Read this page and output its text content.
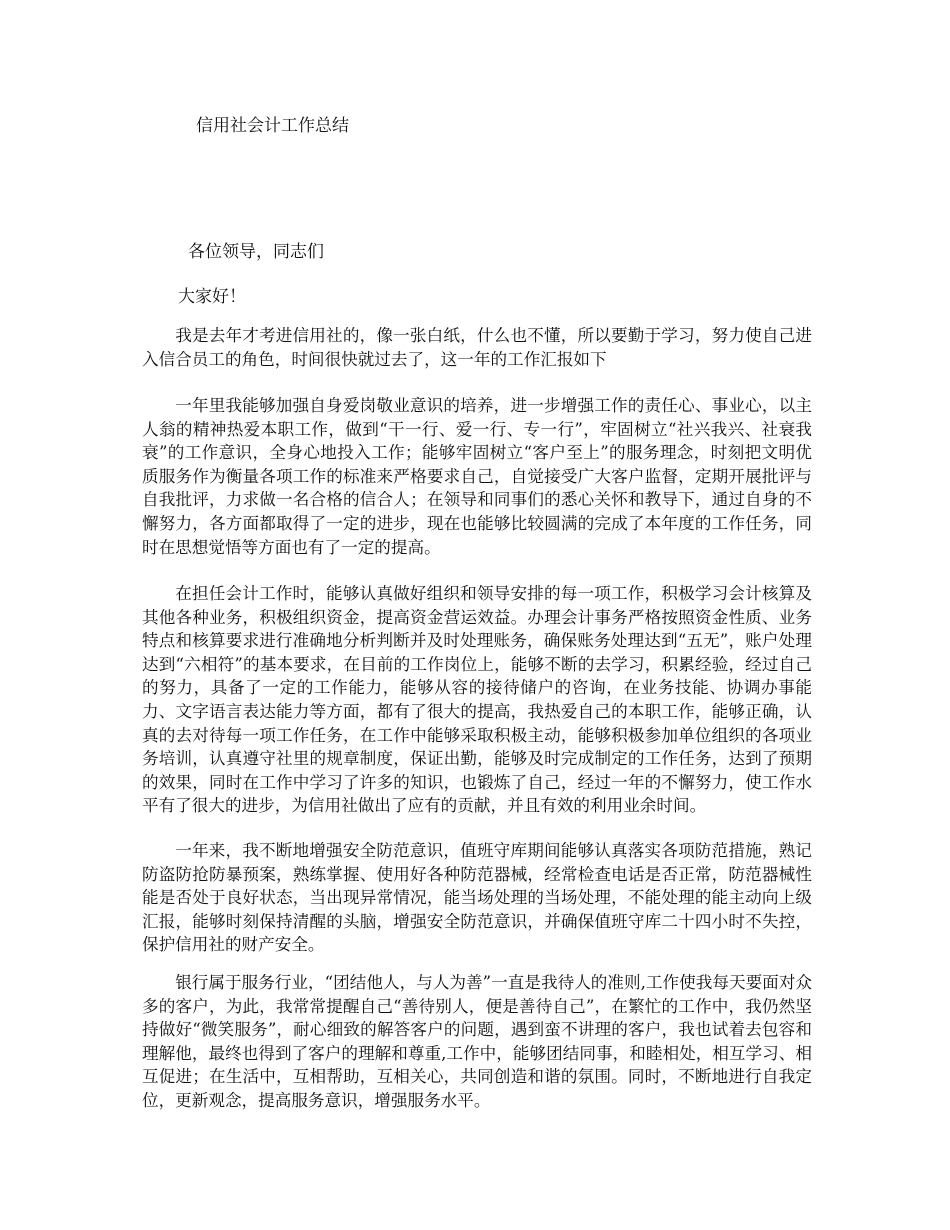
信用社会计工作总结
各位领导，同志们
大家好！

我是去年才考进信用社的，像一张白纸，什么也不懂，所以要勤于学习，努力使自己进入信合员工的角色，时间很快就过去了，这一年的工作汇报如下

一年里我能够加强自身爱岗敬业意识的培养，进一步增强工作的责任心、事业心，以主人翁的精神热爱本职工作，做到“干一行、爱一行、专一行”，牢固树立“社兴我兴、社衰我衰”的工作意识，全身心地投入工作；能够牢固树立“客户至上”的服务理念，时刻把文明优质服务作为衡量各项工作的标准来严格要求自己，自觉接受广大客户监督，定期开展批评与自我批评，力求做一名合格的信合人；在领导和同事们的悉心关怀和教导下，通过自身的不懈努力，各方面都取得了一定的进步，现在也能够比较圆满的完成了本年度的工作任务，同时在思想觉悟等方面也有了一定的提高。

在担任会计工作时，能够认真做好组织和领导安排的每一项工作，积极学习会计核算及其他各种业务，积极组织资金，提高资金营运效益。办理会计事务严格按照资金性质、业务特点和核算要求进行准确地分析判断并及时处理账务，确保账务处理达到“五无”，账户处理达到“六相符”的基本要求，在目前的工作岗位上，能够不断的去学习，积累经验，经过自己的努力，具备了一定的工作能力，能够从容的接待储户的咨询，在业务技能、协调办事能力、文字语言表达能力等方面，都有了很大的提高，我热爱自己的本职工作，能够正确，认真的去对待每一项工作任务，在工作中能够采取积极主动，能够积极参加单位组织的各项业务培训，认真遵守社里的规章制度，保证出勤，能够及时完成制定的工作任务，达到了预期的效果，同时在工作中学习了许多的知识，也锻炼了自己，经过一年的不懈努力，使工作水平有了很大的进步，为信用社做出了应有的贡献，并且有效的利用业余时间。

一年来，我不断地增强安全防范意识，值班守库期间能够认真落实各项防范措施，熟记防盗防抢防暴预案，熟练掌握、使用好各种防范器械，经常检查电话是否正常，防范器械性能是否处于良好状态，当出现异常情况，能当场处理的当场处理，不能处理的能主动向上级汇报，能够时刻保持清醒的头脑，增强安全防范意识，并确保值班守库二十四小时不失控，保护信用社的财产安全。

银行属于服务行业，“团结他人，与人为善”一直是我待人的准则,工作使我每天要面对众多的客户，为此，我常常提醒自己“善待别人，便是善待自己”，在繁忙的工作中，我仍然坚持做好“微笑服务”，耐心细致的解答客户的问题，遇到蛮不讲理的客户，我也试着去包容和理解他，最终也得到了客户的理解和尊重,工作中，能够团结同事，和睦相处，相互学习、相互促进；在生活中，互相帮助，互相关心，共同创造和谐的氛围。同时，不断地进行自我定位，更新观念，提高服务意识，增强服务水平。
